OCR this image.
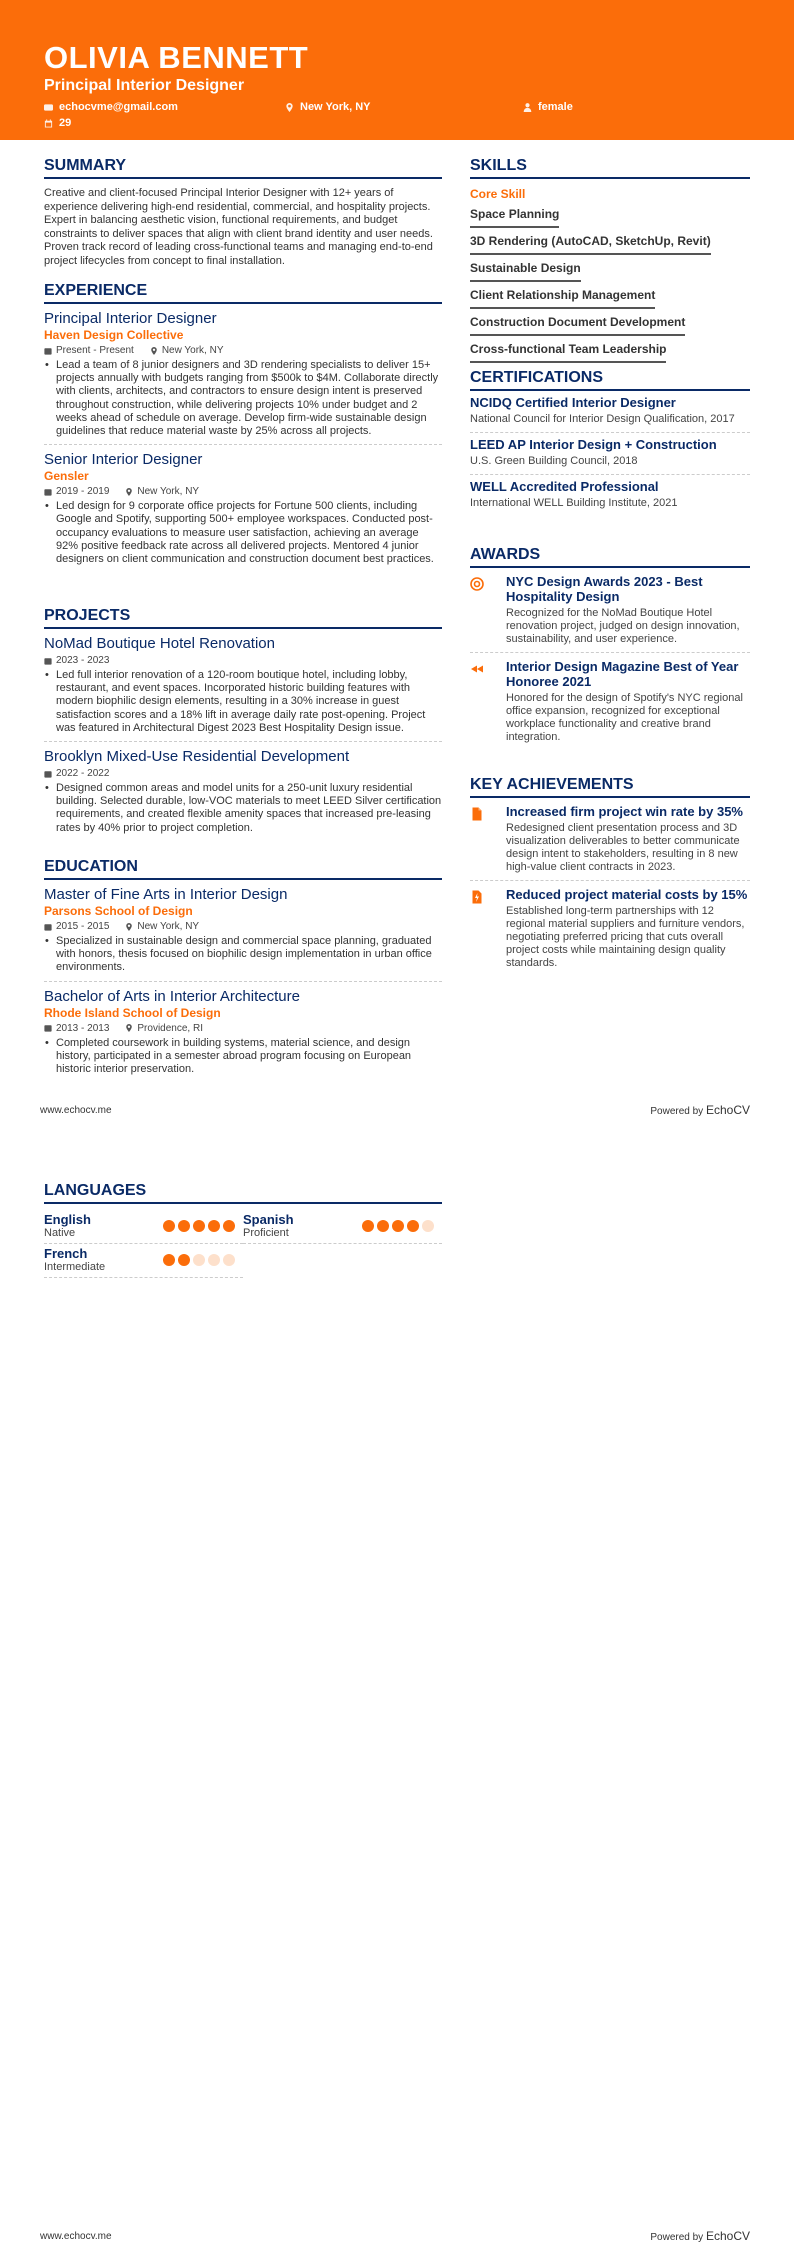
OLIVIA BENNETT
Principal Interior Designer
echocvme@gmail.com	New York, NY	female
29
SUMMARY
Creative and client-focused Principal Interior Designer with 12+ years of experience delivering high-end residential, commercial, and hospitality projects. Expert in balancing aesthetic vision, functional requirements, and budget constraints to deliver spaces that align with client brand identity and user needs. Proven track record of leading cross-functional teams and managing end-to-end project lifecycles from concept to final installation.
EXPERIENCE
Principal Interior Designer
Haven Design Collective
Present - Present	New York, NY
• Lead a team of 8 junior designers and 3D rendering specialists to deliver 15+ projects annually with budgets ranging from $500k to $4M. Collaborate directly with clients, architects, and contractors to ensure design intent is preserved throughout construction, while delivering projects 10% under budget and 2 weeks ahead of schedule on average. Develop firm-wide sustainable design guidelines that reduce material waste by 25% across all projects.
Senior Interior Designer
Gensler
2019 - 2019	New York, NY
• Led design for 9 corporate office projects for Fortune 500 clients, including Google and Spotify, supporting 500+ employee workspaces. Conducted post-occupancy evaluations to measure user satisfaction, achieving an average 92% positive feedback rate across all delivered projects. Mentored 4 junior designers on client communication and construction document best practices.
PROJECTS
NoMad Boutique Hotel Renovation
2023 - 2023
• Led full interior renovation of a 120-room boutique hotel, including lobby, restaurant, and event spaces. Incorporated historic building features with modern biophilic design elements, resulting in a 30% increase in guest satisfaction scores and a 18% lift in average daily rate post-opening. Project was featured in Architectural Digest 2023 Best Hospitality Design issue.
Brooklyn Mixed-Use Residential Development
2022 - 2022
• Designed common areas and model units for a 250-unit luxury residential building. Selected durable, low-VOC materials to meet LEED Silver certification requirements, and created flexible amenity spaces that increased pre-leasing rates by 40% prior to project completion.
EDUCATION
Master of Fine Arts in Interior Design
Parsons School of Design
2015 - 2015	New York, NY
• Specialized in sustainable design and commercial space planning, graduated with honors, thesis focused on biophilic design implementation in urban office environments.
Bachelor of Arts in Interior Architecture
Rhode Island School of Design
2013 - 2013	Providence, RI
• Completed coursework in building systems, material science, and design history, participated in a semester abroad program focusing on European historic interior preservation.
SKILLS
Core Skill
Space Planning
3D Rendering (AutoCAD, SketchUp, Revit)
Sustainable Design
Client Relationship Management
Construction Document Development
Cross-functional Team Leadership
CERTIFICATIONS
NCIDQ Certified Interior Designer
National Council for Interior Design Qualification, 2017
LEED AP Interior Design + Construction
U.S. Green Building Council, 2018
WELL Accredited Professional
International WELL Building Institute, 2021
AWARDS
NYC Design Awards 2023 - Best Hospitality Design
Recognized for the NoMad Boutique Hotel renovation project, judged on design innovation, sustainability, and user experience.
Interior Design Magazine Best of Year Honoree 2021
Honored for the design of Spotify's NYC regional office expansion, recognized for exceptional workplace functionality and creative brand integration.
KEY ACHIEVEMENTS
Increased firm project win rate by 35%
Redesigned client presentation process and 3D visualization deliverables to better communicate design intent to stakeholders, resulting in 8 new high-value client contracts in 2023.
Reduced project material costs by 15%
Established long-term partnerships with 12 regional material suppliers and furniture vendors, negotiating preferred pricing that cuts overall project costs while maintaining design quality standards.
www.echocv.me	Powered by EchoCV
LANGUAGES
English
Native
Spanish
Proficient
French
Intermediate
www.echocv.me	Powered by EchoCV
